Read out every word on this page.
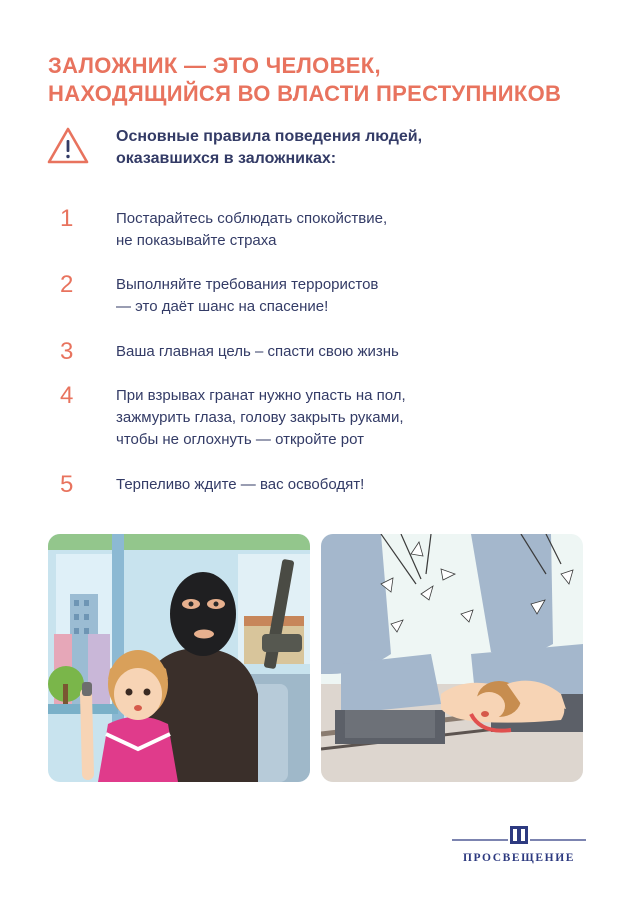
ЗАЛОЖНИК — ЭТО ЧЕЛОВЕК,
НАХОДЯЩИЙСЯ ВО ВЛАСТИ ПРЕСТУПНИКОВ

Основные правила поведения людей,
оказавшихся в заложниках:

1	Постарайтесь соблюдать спокойствие,
не показывайте страха
2	Выполняйте требования террористов
— это даёт шанс на спасение!
3	Ваша главная цель – спасти свою жизнь
4	При взрывах гранат нужно упасть на пол,
зажмурить глаза, голову закрыть руками,
чтобы не оглохнуть — откройте рот
5	Терпеливо ждите — вас освободят!
ПРОСВЕЩЕНИЕ
